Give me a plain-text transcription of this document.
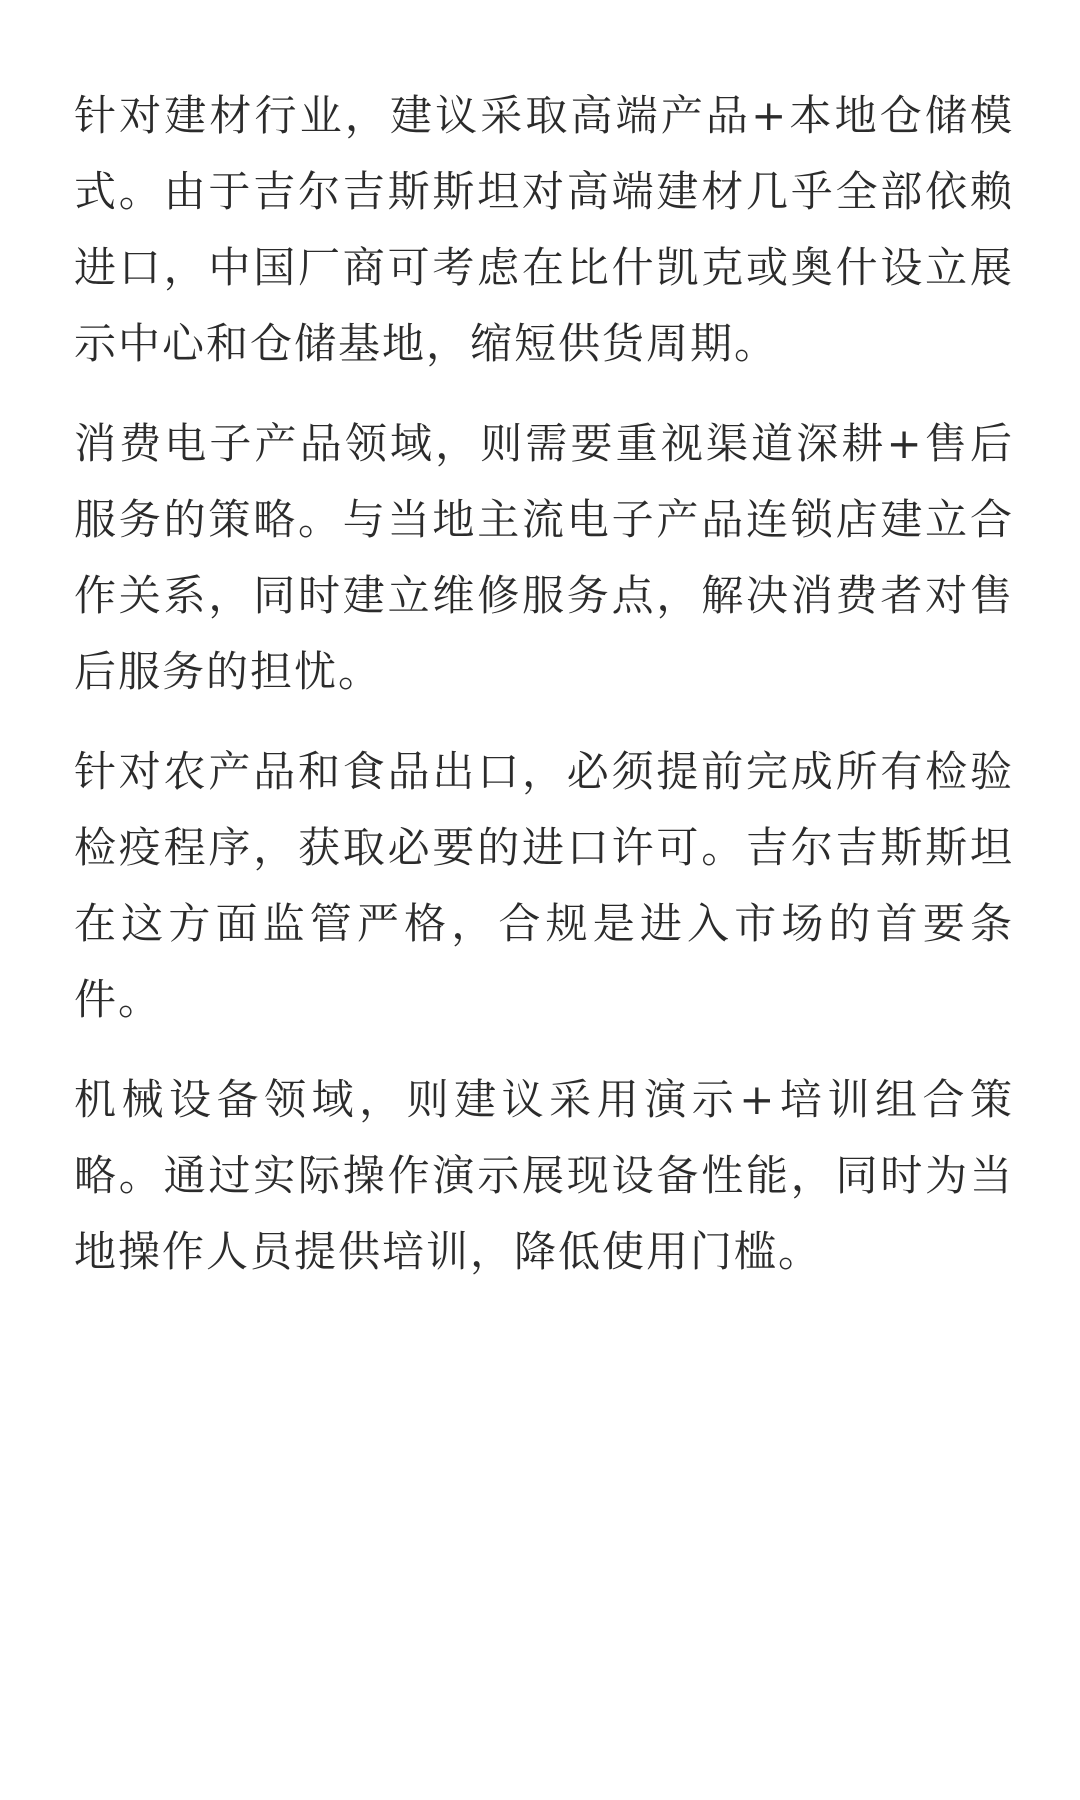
针对建材行业，建议采取高端产品+本地仓储模式。由于吉尔吉斯斯坦对高端建材几乎全部依赖进口，中国厂商可考虑在比什凯克或奥什设立展示中心和仓储基地，缩短供货周期。

消费电子产品领域，则需要重视渠道深耕+售后服务的策略。与当地主流电子产品连锁店建立合作关系，同时建立维修服务点，解决消费者对售后服务的担忧。

针对农产品和食品出口，必须提前完成所有检验检疫程序，获取必要的进口许可。吉尔吉斯斯坦在这方面监管严格，合规是进入市场的首要条件。

机械设备领域，则建议采用演示+培训组合策略。通过实际操作演示展现设备性能，同时为当地操作人员提供培训，降低使用门槛。
